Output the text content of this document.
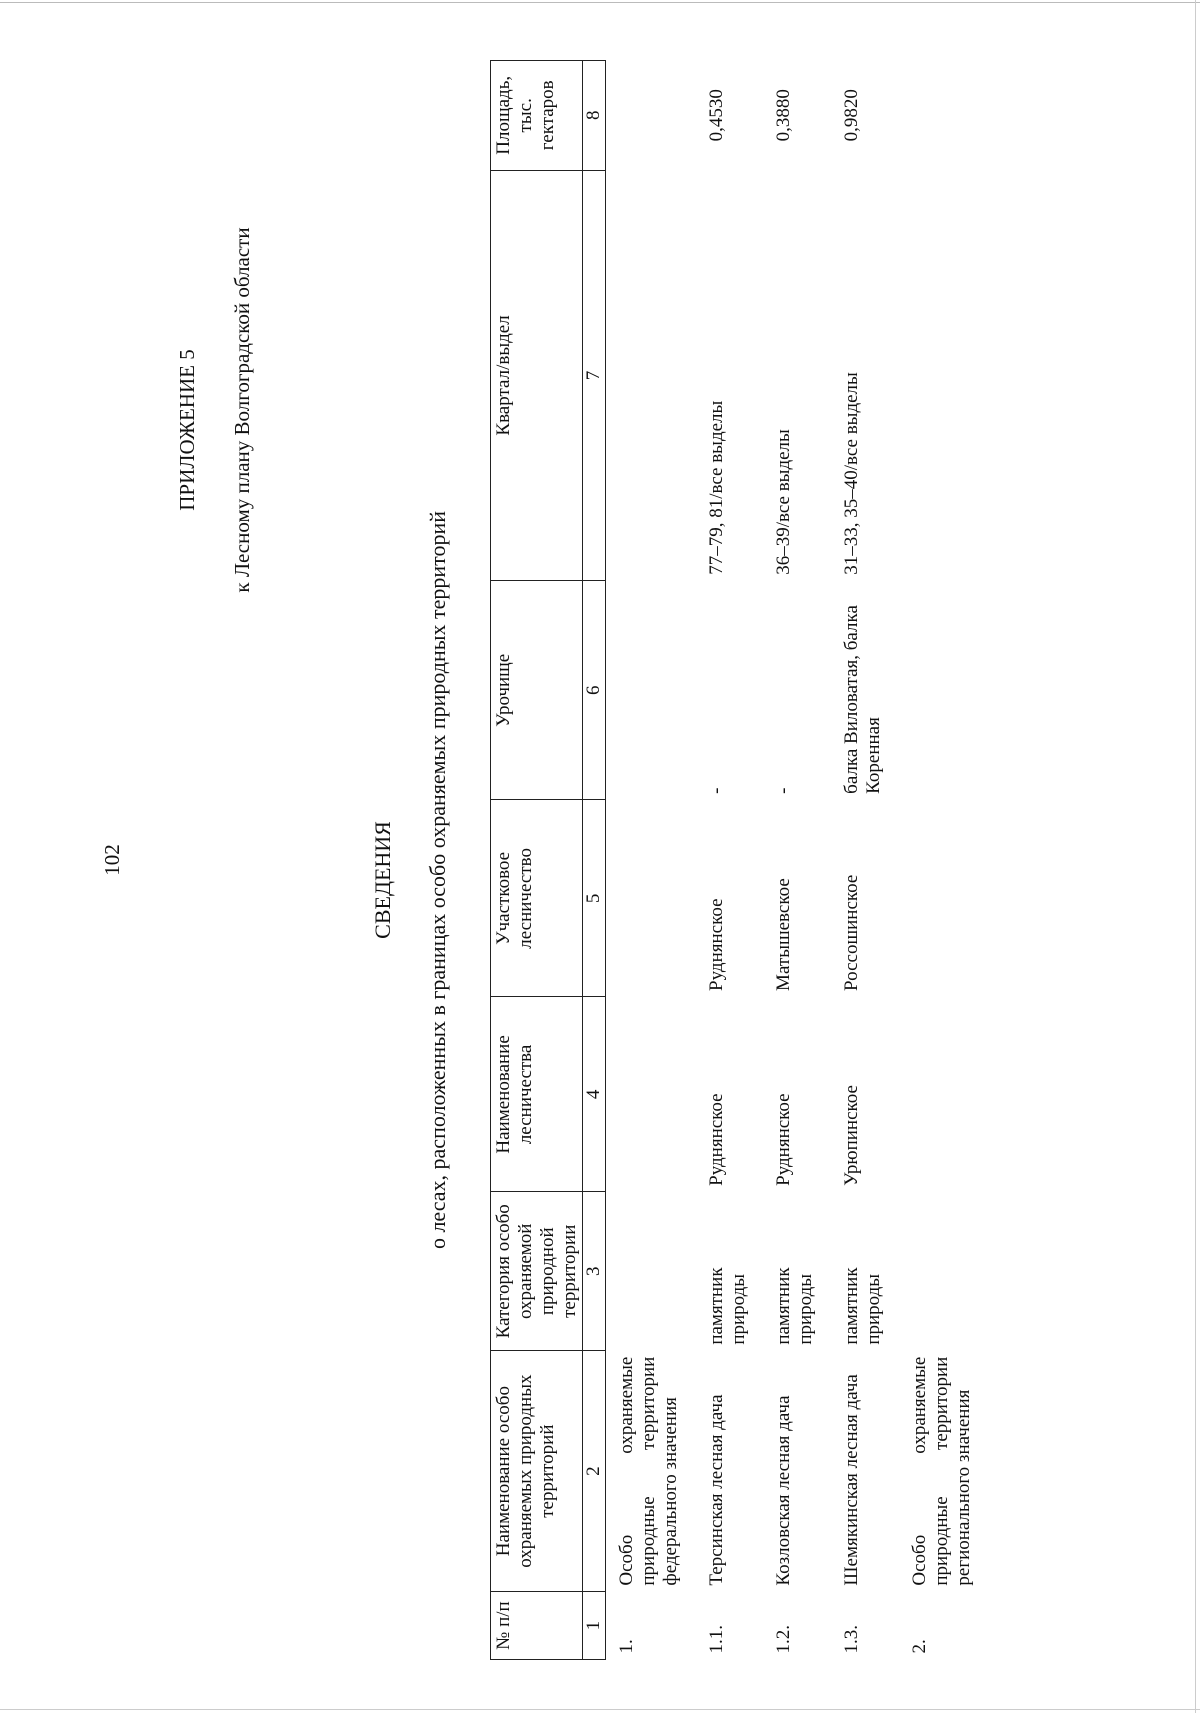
102
ПРИЛОЖЕНИЕ 5 к Лесному плану Волгоградской области
СВЕДЕНИЯ о лесах, расположенных в границах особо охраняемых природных территорий
№ п/п	Наименование особо охраняемых природных территорий	Категория особо охраняемой природной территории	Наименование лесничества	Участковое лесничество	Урочище	Квартал/выдел	Площадь, тыс. гектаров
1	2	3	4	5	6	7	8
1.	Особо охраняемые природные территории федерального значения						
1.1.	Терсинская лесная дача	памятник природы	Руднянское	Руднянское	-	77–79, 81/все выделы	0,4530
1.2.	Козловская лесная дача	памятник природы	Руднянское	Матышевское	-	36–39/все выделы	0,3880
1.3.	Шемякинская лесная дача	памятник природы	Урюпинское	Россошинское	балка Виловатая, балка Коренная	31–33, 35–40/все выделы	0,9820
2.	Особо охраняемые природные территории регионального значения						
